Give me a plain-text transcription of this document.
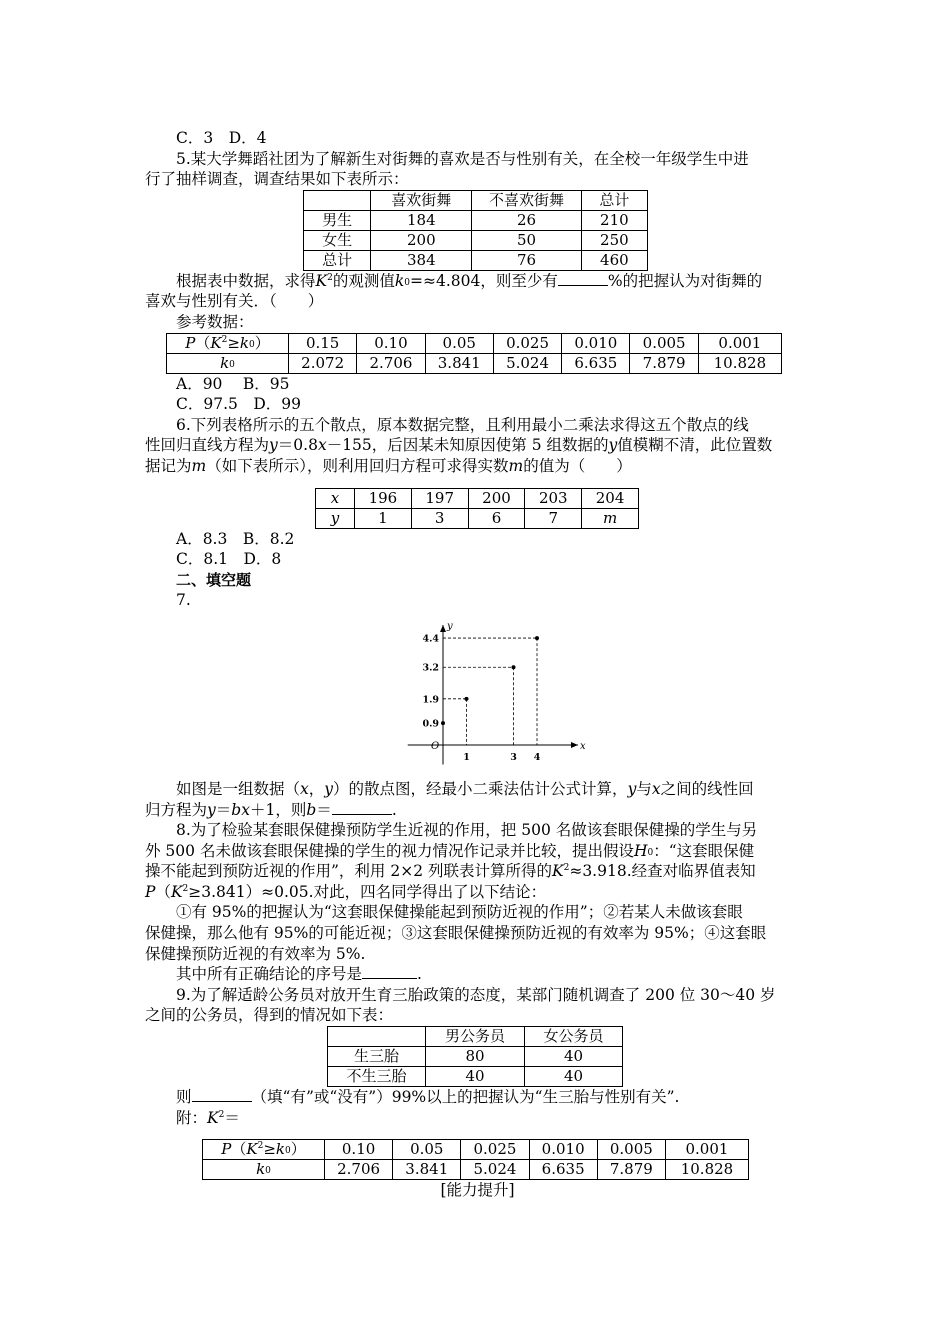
C．3　D．4
5.某大学舞蹈社团为了解新生对街舞的喜欢是否与性别有关，在全校一年级学生中进
行了抽样调查，调查结果如下表所示：
	喜欢街舞	不喜欢街舞	总计
男生	184	26	210
女生	200	50	250
总计	384	76	460
根据表中数据，求得$K^2$的观测值$k_0=\approx 4.804$，则至少有	%的把握认为对街舞的
喜欢与性别有关．（　　）
参考数据：
$P(K^2\ge k_0)$	0.15	0.10	0.05	0.025	0.010	0.005	0.001
$k_0$	2.072	2.706	3.841	5.024	6.635	7.879	10.828
A．90　 B．95
C．97.5　D．99
6.下列表格所示的五个散点，原本数据完整，且利用最小二乘法求得这五个散点的线
性回归直线方程为y＝0.8x－155，后因某未知原因使第 5 组数据的y值模糊不清，此位置数
据记为m（如下表所示），则利用回归方程可求得实数m的值为（　　）
x	196	197	200	203	204
y	1	3	6	7	m
A．8.3　B．8.2
C．8.1　D．8
二、填空题
7.
x
y
O
0.9
1.9
3.2
4.4
1	3 4
如图是一组数据（x，y）的散点图，经最小二乘法估计公式计算，y与x之间的线性回
归方程为y＝bx＋1，则b＝	.
8.为了检验某套眼保健操预防学生近视的作用，把 500 名做该套眼保健操的学生与另
外 500 名未做该套眼保健操的学生的视力情况作记录并比较，提出假设$H_0$：“这套眼保健
操不能起到预防近视的作用”，利用 2×2 列联表计算所得的$K^2\approx 3.918$.经查对临界值表知
$P(K^2\ge 3.841)\approx 0.05$.对此，四名同学得出了以下结论：
①有 95%的把握认为“这套眼保健操能起到预防近视的作用”；②若某人未做该套眼
保健操，那么他有 95%的可能近视；③这套眼保健操预防近视的有效率为 95%；④这套眼
保健操预防近视的有效率为 5%.
其中所有正确结论的序号是	.
9.为了解适龄公务员对放开生育三胎政策的态度，某部门随机调查了 200 位 30～40 岁
之间的公务员，得到的情况如下表：
	男公务员	女公务员
生三胎	80	40
不生三胎	40	40
则	（填“有”或“没有”）99%以上的把握认为“生三胎与性别有关”.
附：$K^2=$
$P(K^2\ge k_0)$	0.10	0.05	0.025	0.010	0.005	0.001
$k_0$	2.706	3.841	5.024	6.635	7.879	10.828
[能力提升]
